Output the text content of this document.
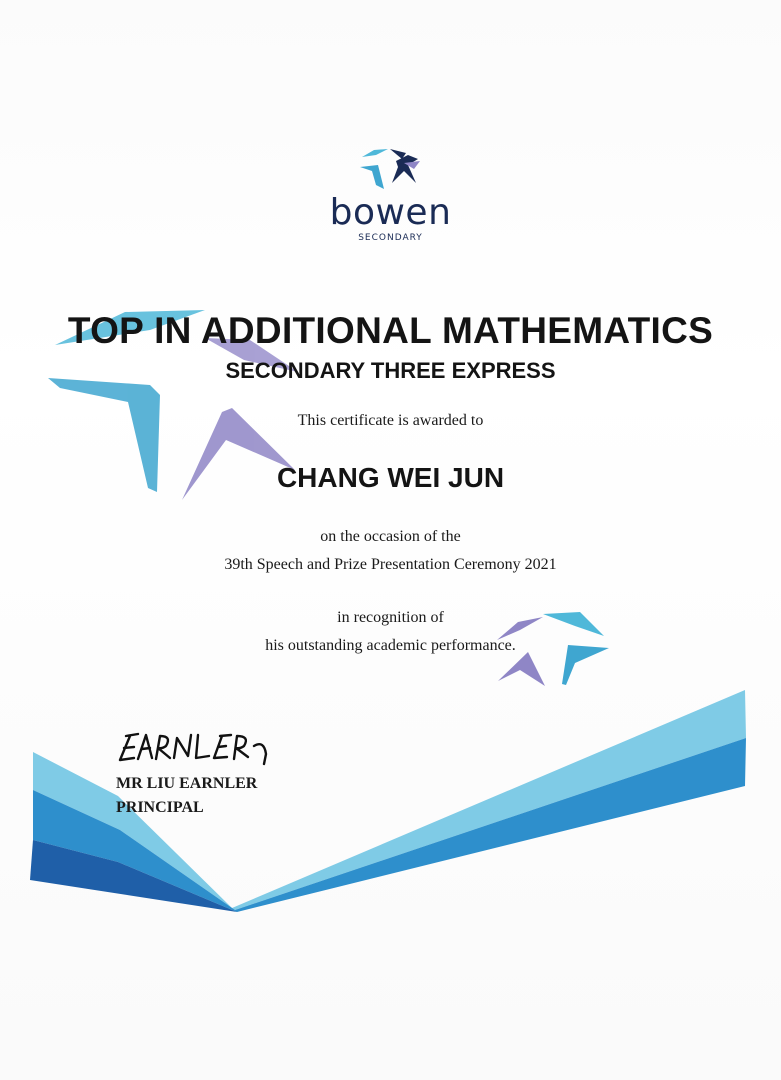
bowen
SECONDARY
TOP IN ADDITIONAL MATHEMATICS
SECONDARY THREE EXPRESS
This certificate is awarded to
CHANG WEI JUN
on the occasion of the
39th Speech and Prize Presentation Ceremony 2021
in recognition of
his outstanding academic performance.
MR LIU EARNLER
PRINCIPAL
